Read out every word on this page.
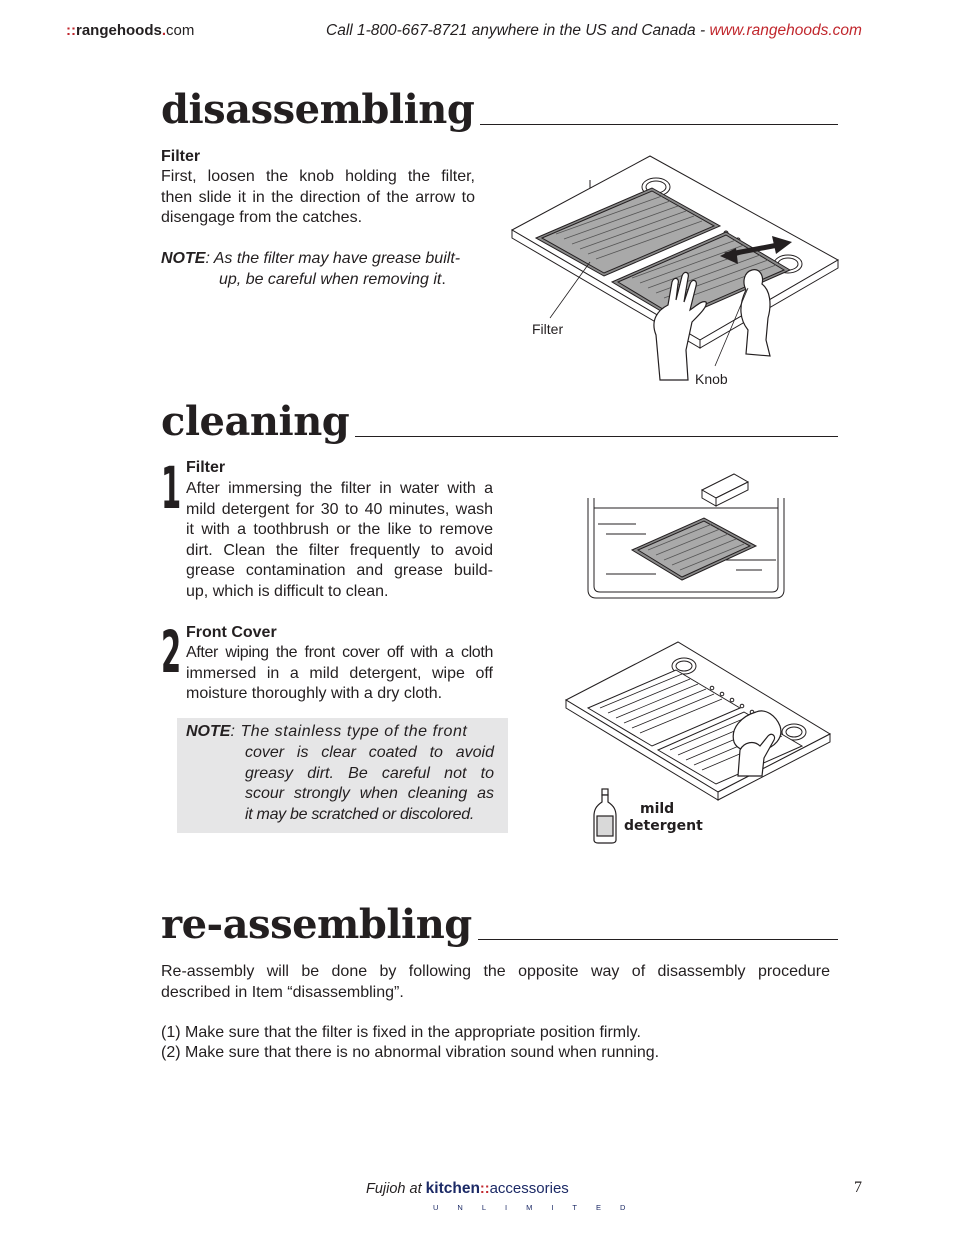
::rangehoods.com	Call 1-800-667-8721 anywhere in the US and Canada - www.rangehoods.com
disassembling
Filter
First, loosen the knob holding the filter,
then slide it in the direction of the arrow to
disengage from the catches.
NOTE: As the filter may have grease built-
up, be careful when removing it.
Filter
Knob
cleaning
1 Filter
After immersing the filter in water with a
mild detergent for 30 to 40 minutes, wash
it with a toothbrush or the like to remove
dirt. Clean the filter frequently to avoid
grease contamination and grease build-
up, which is difficult to clean.
2 Front Cover
After wiping the front cover off with a cloth
immersed in a mild detergent, wipe off
moisture thoroughly with a dry cloth.
NOTE: The stainless type of the front
cover is clear coated to avoid
greasy dirt. Be careful not to
scour strongly when cleaning as
it may be scratched or discolored.	mild
detergent
re-assembling
Re-assembly will be done by following the opposite way of disassembly procedure
described in Item “disassembling”.
(1) Make sure that the filter is fixed in the appropriate position firmly.
(2) Make sure that there is no abnormal vibration sound when running.
Fujioh at kitchen::accessories
UNLIMITED
7
